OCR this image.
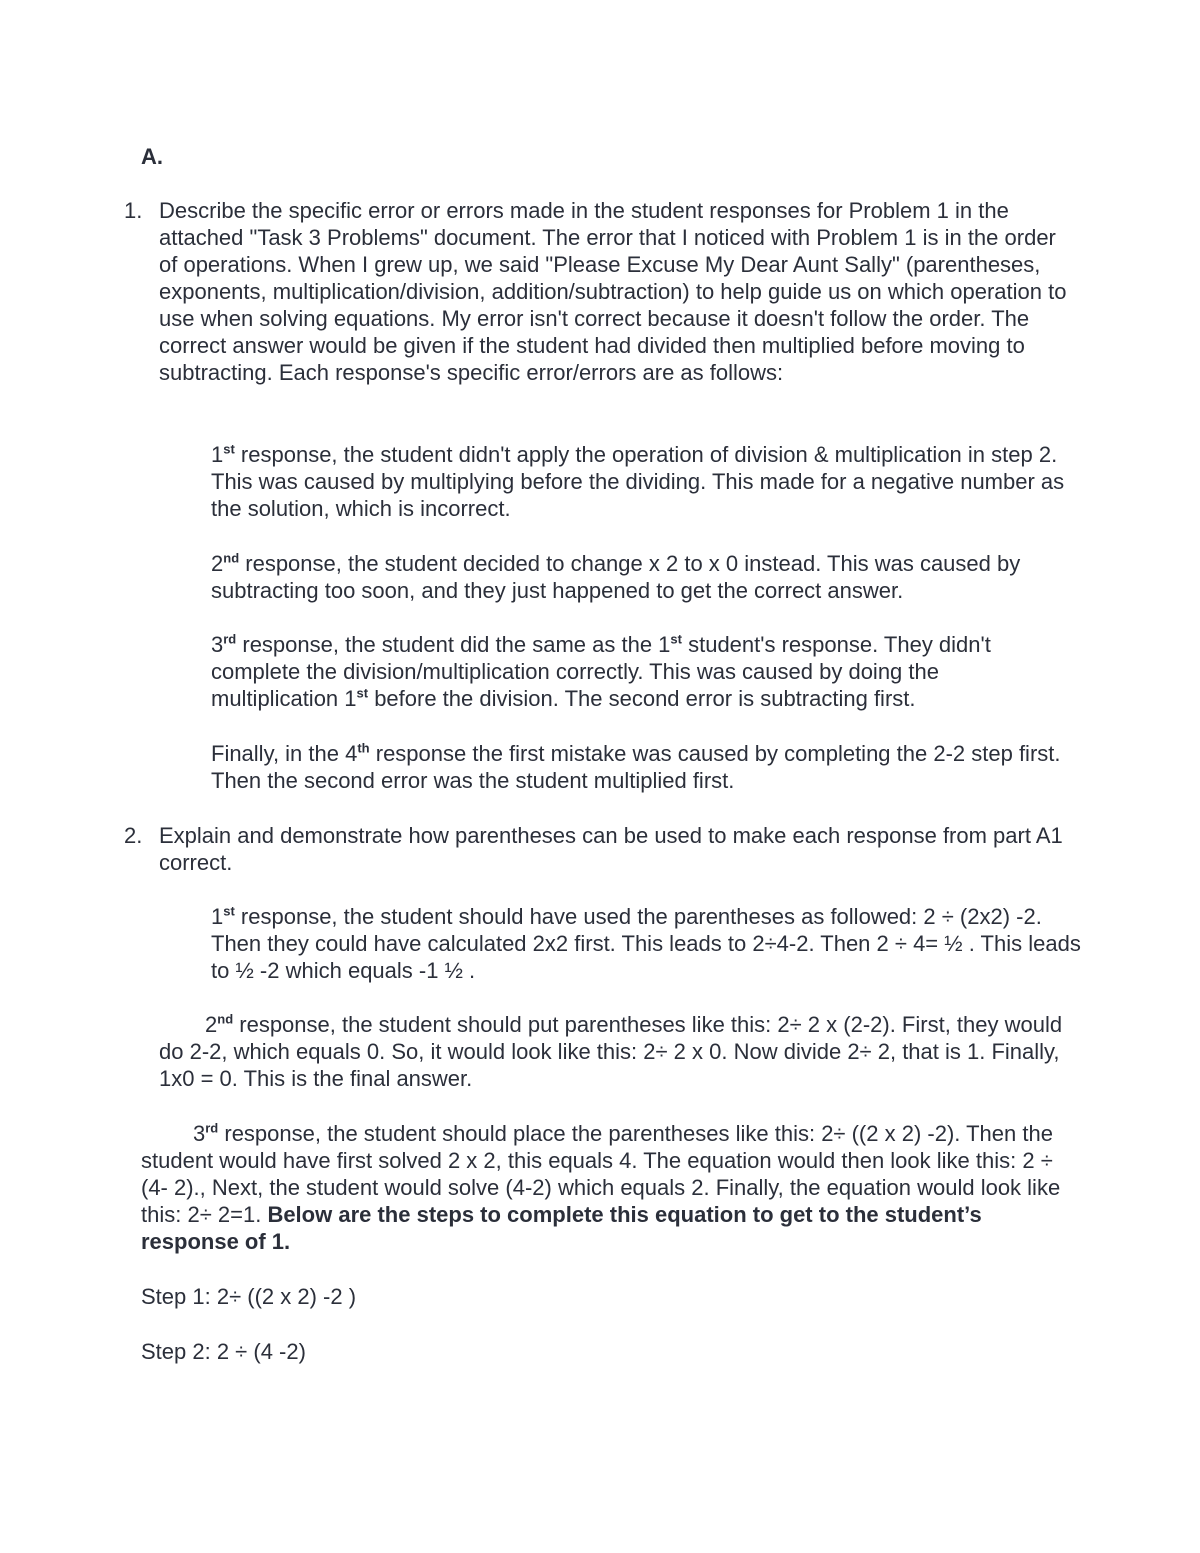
A.
1. Describe the specific error or errors made in the student responses for Problem 1 in the attached "Task 3 Problems" document. The error that I noticed with Problem 1 is in the order of operations. When I grew up, we said "Please Excuse My Dear Aunt Sally" (parentheses, exponents, multiplication/division, addition/subtraction) to help guide us on which operation to use when solving equations. My error isn't correct because it doesn't follow the order. The correct answer would be given if the student had divided then multiplied before moving to subtracting. Each response's specific error/errors are as follows:

1st response, the student didn't apply the operation of division & multiplication in step 2. This was caused by multiplying before the dividing. This made for a negative number as the solution, which is incorrect.

2nd response, the student decided to change x 2 to x 0 instead. This was caused by subtracting too soon, and they just happened to get the correct answer.

3rd response, the student did the same as the 1st student's response. They didn't complete the division/multiplication correctly. This was caused by doing the multiplication 1st before the division. The second error is subtracting first.

Finally, in the 4th response the first mistake was caused by completing the 2-2 step first. Then the second error was the student multiplied first.

2. Explain and demonstrate how parentheses can be used to make each response from part A1 correct.

1st response, the student should have used the parentheses as followed: 2 ÷ (2x2) -2. Then they could have calculated 2x2 first. This leads to 2÷4-2. Then 2 ÷ 4= ½ . This leads to ½ -2 which equals -1 ½ .

2nd response, the student should put parentheses like this: 2÷ 2 x (2-2). First, they would do 2-2, which equals 0. So, it would look like this: 2÷ 2 x 0. Now divide 2÷ 2, that is 1. Finally, 1x0 = 0. This is the final answer.

3rd response, the student should place the parentheses like this: 2÷ ((2 x 2) -2). Then the student would have first solved 2 x 2, this equals 4. The equation would then look like this: 2 ÷ (4- 2)., Next, the student would solve (4-2) which equals 2. Finally, the equation would look like this: 2÷ 2=1. Below are the steps to complete this equation to get to the student’s response of 1.

Step 1: 2÷ ((2 x 2) -2 )

Step 2: 2 ÷ (4 -2)
